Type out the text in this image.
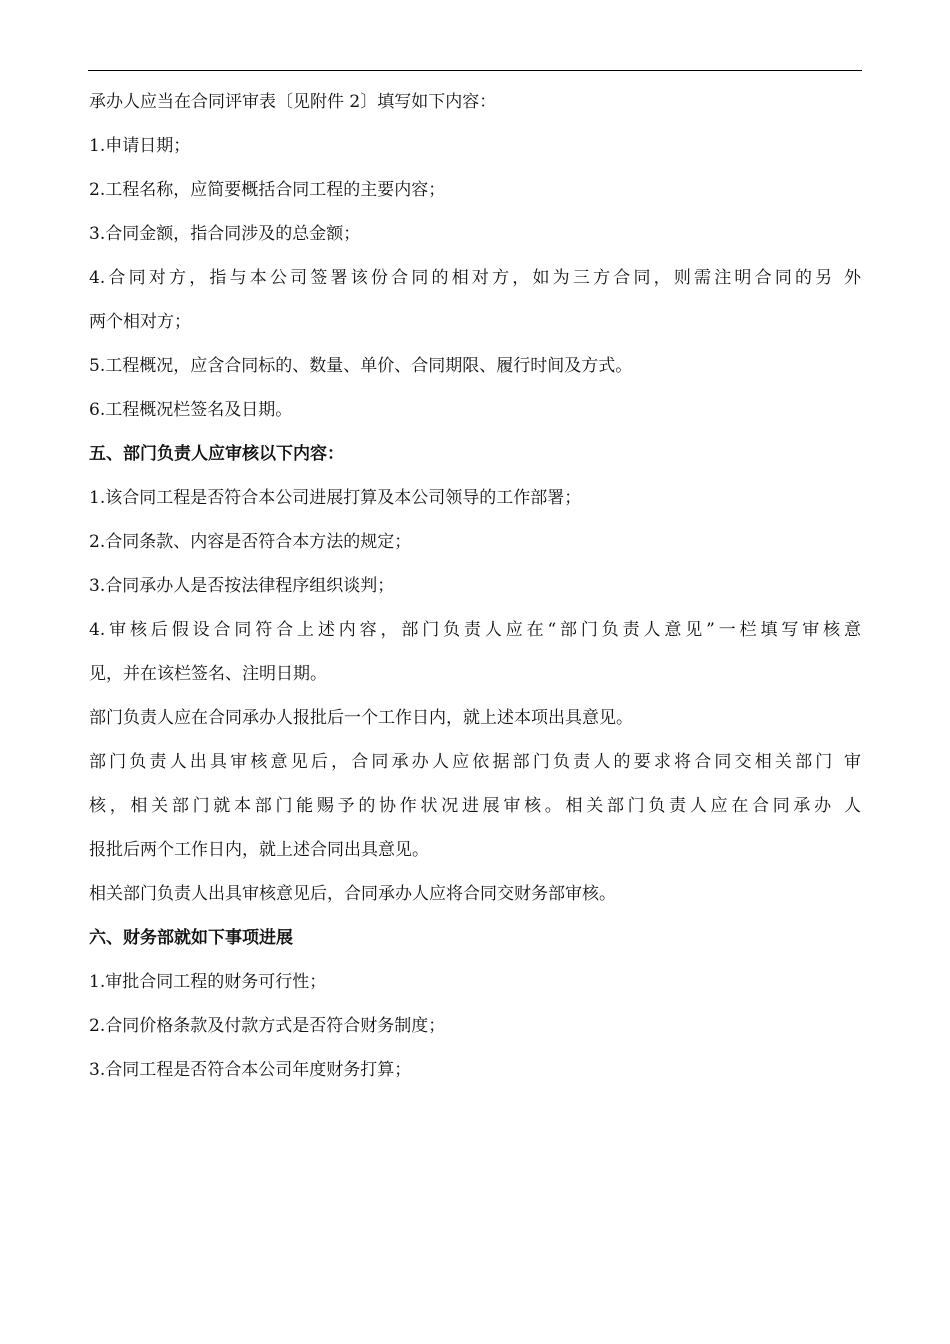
承办人应当在合同评审表〔见附件 2〕填写如下内容：
1.申请日期；
2.工程名称，应简要概括合同工程的主要内容；
3.合同金额，指合同涉及的总金额；
4.合同对方，指与本公司签署该份合同的相对方，如为三方合同，则需注明合同的另 外
两个相对方；
5.工程概况，应含合同标的、数量、单价、合同期限、履行时间及方式。
6.工程概况栏签名及日期。
五、部门负责人应审核以下内容：
1.该合同工程是否符合本公司进展打算及本公司领导的工作部署；
2.合同条款、内容是否符合本方法的规定；
3.合同承办人是否按法律程序组织谈判；
4.审核后假设合同符合上述内容，部门负责人应在“部门负责人意见”一栏填写审核意
见，并在该栏签名、注明日期。
部门负责人应在合同承办人报批后一个工作日内，就上述本项出具意见。
部门负责人出具审核意见后，合同承办人应依据部门负责人的要求将合同交相关部门 审
核，相关部门就本部门能赐予的协作状况进展审核。相关部门负责人应在合同承办 人
报批后两个工作日内，就上述合同出具意见。
相关部门负责人出具审核意见后，合同承办人应将合同交财务部审核。
六、财务部就如下事项进展
1.审批合同工程的财务可行性；
2.合同价格条款及付款方式是否符合财务制度；
3.合同工程是否符合本公司年度财务打算；
